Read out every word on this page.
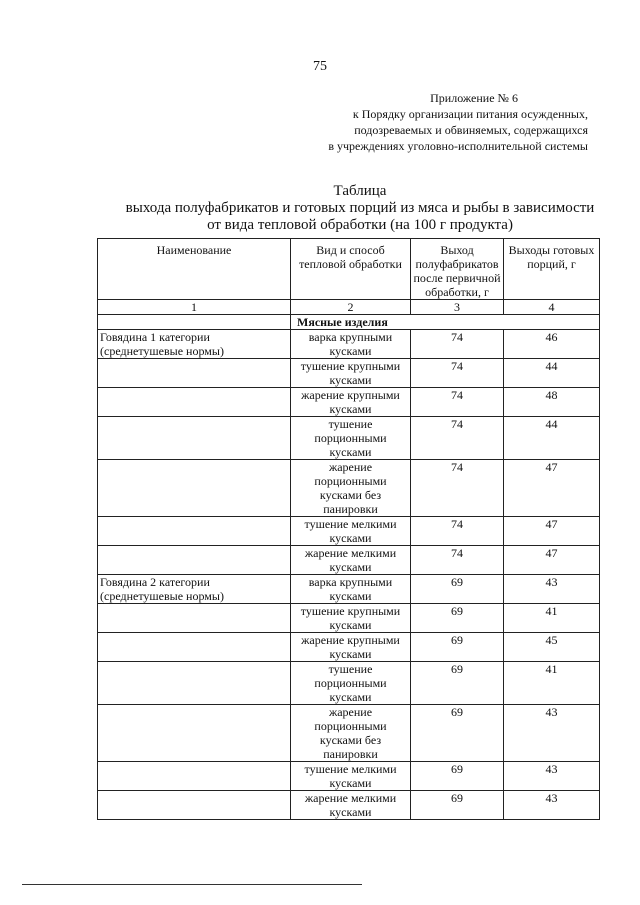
75
Приложение № 6
к Порядку организации питания осужденных,
подозреваемых и обвиняемых, содержащихся
в учреждениях уголовно-исполнительной системы
Таблица
выхода полуфабрикатов и готовых порций из мяса и рыбы в зависимости
от вида тепловой обработки (на 100 г продукта)
Наименование	Вид и способ тепловой обработки	Выход полуфабрикатов после первичной обработки, г	Выходы готовых порций, г
1	2	3	4
	Мясные изделия		
Говядина 1 категории (среднетушевые нормы)	варка крупными кусками	74	46
	тушение крупными кусками	74	44
	жарение крупными кусками	74	48
	тушение порционными кусками	74	44
	жарение порционными кусками без панировки	74	47
	тушение мелкими кусками	74	47
	жарение мелкими кусками	74	47
Говядина 2 категории (среднетушевые нормы)	варка крупными кусками	69	43
	тушение крупными кусками	69	41
	жарение крупными кусками	69	45
	тушение порционными кусками	69	41
	жарение порционными кусками без панировки	69	43
	тушение мелкими кусками	69	43
	жарение мелкими кусками	69	43
